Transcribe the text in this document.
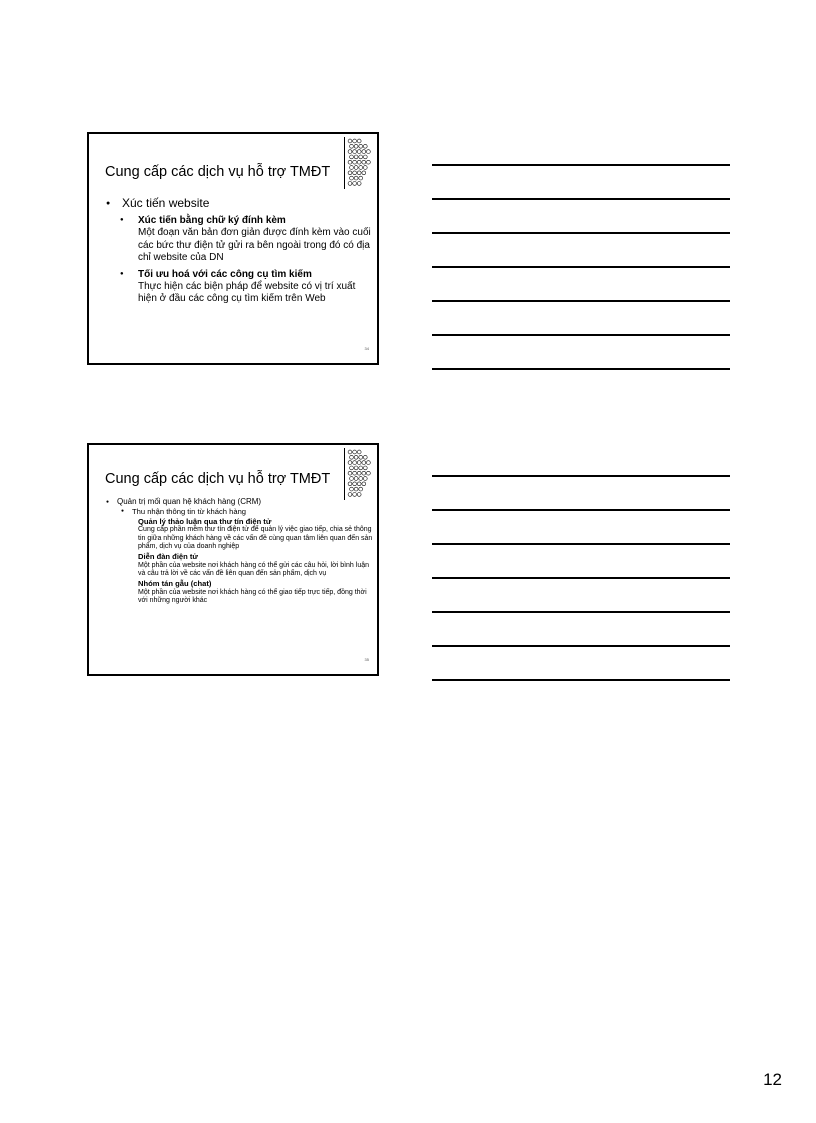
Cung cấp các dịch vụ hỗ trợ TMĐT
● Xúc tiến website
● Xúc tiến bằng chữ ký đính kèm
Một đoạn văn bản đơn giản được đính kèm vào cuối các bức thư điện tử gửi ra bên ngoài trong đó có địa chỉ website của DN
● Tối ưu hoá với các công cụ tìm kiếm
Thực hiện các biện pháp để website có vị trí xuất hiện ở đầu các công cụ tìm kiếm trên Web
34
Cung cấp các dịch vụ hỗ trợ TMĐT
● Quản trị mối quan hệ khách hàng (CRM)
● Thu nhận thông tin từ khách hàng
Quản lý thảo luận qua thư tín điện tử
Cung cấp phần mềm thư tín điện tử để quản lý việc giao tiếp, chia sẻ thông tin giữa những khách hàng về các vấn đề cùng quan tâm liên quan đến sản phẩm, dịch vụ của doanh nghiệp
Diễn đàn điện tử
Một phần của website nơi khách hàng có thể gửi các câu hỏi, lời bình luận và câu trả lời về các vấn đề liên quan đến sản phẩm, dịch vụ
Nhóm tán gẫu (chat)
Một phần của website nơi khách hàng có thể giao tiếp trực tiếp, đồng thời với những người khác
35
12
